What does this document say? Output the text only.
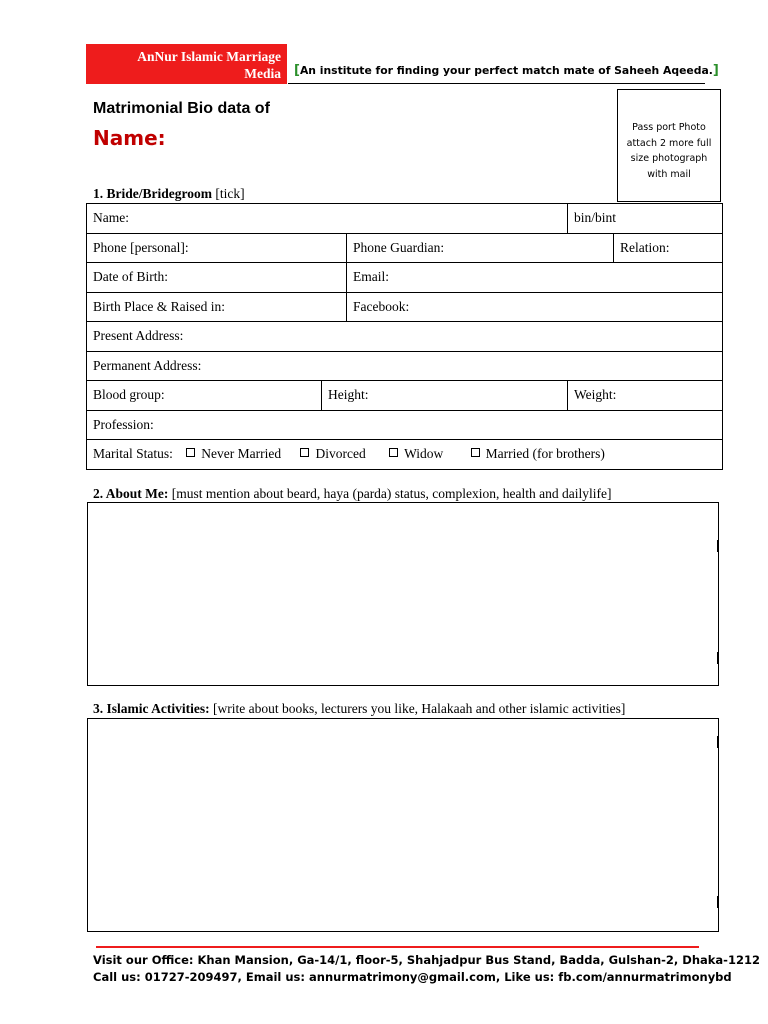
AnNur Islamic Marriage
Media [An institute for finding your perfect match mate of Saheeh Aqeeda.]
Matrimonial Bio data of
Name:	Pass port Photo
attach 2 more full
size photograph
with mail
1. Bride/Bridegroom [tick]
Name:			bin/bint	
Phone [personal]:		Phone Guardian:		Relation:
Date of Birth:		Email:		
Birth Place & Raised in:		Facebook:		
Present Address:				
Permanent Address:				
Blood group:	Height:		Weight:	
Profession:				
Marital Status: Never Married Divorced Widow Married (for brothers)				
2. About Me: [must mention about beard, haya (parda) status, complexion, health and dailylife]
3. Islamic Activities: [write about books, lecturers you like, Halakaah and other islamic activities]
Visit our Office: Khan Mansion, Ga-14/1, floor-5, Shahjadpur Bus Stand, Badda, Gulshan-2, Dhaka-1212
Call us: 01727-209497, Email us: annurmatrimony@gmail.com, Like us: fb.com/annurmatrimonybd
